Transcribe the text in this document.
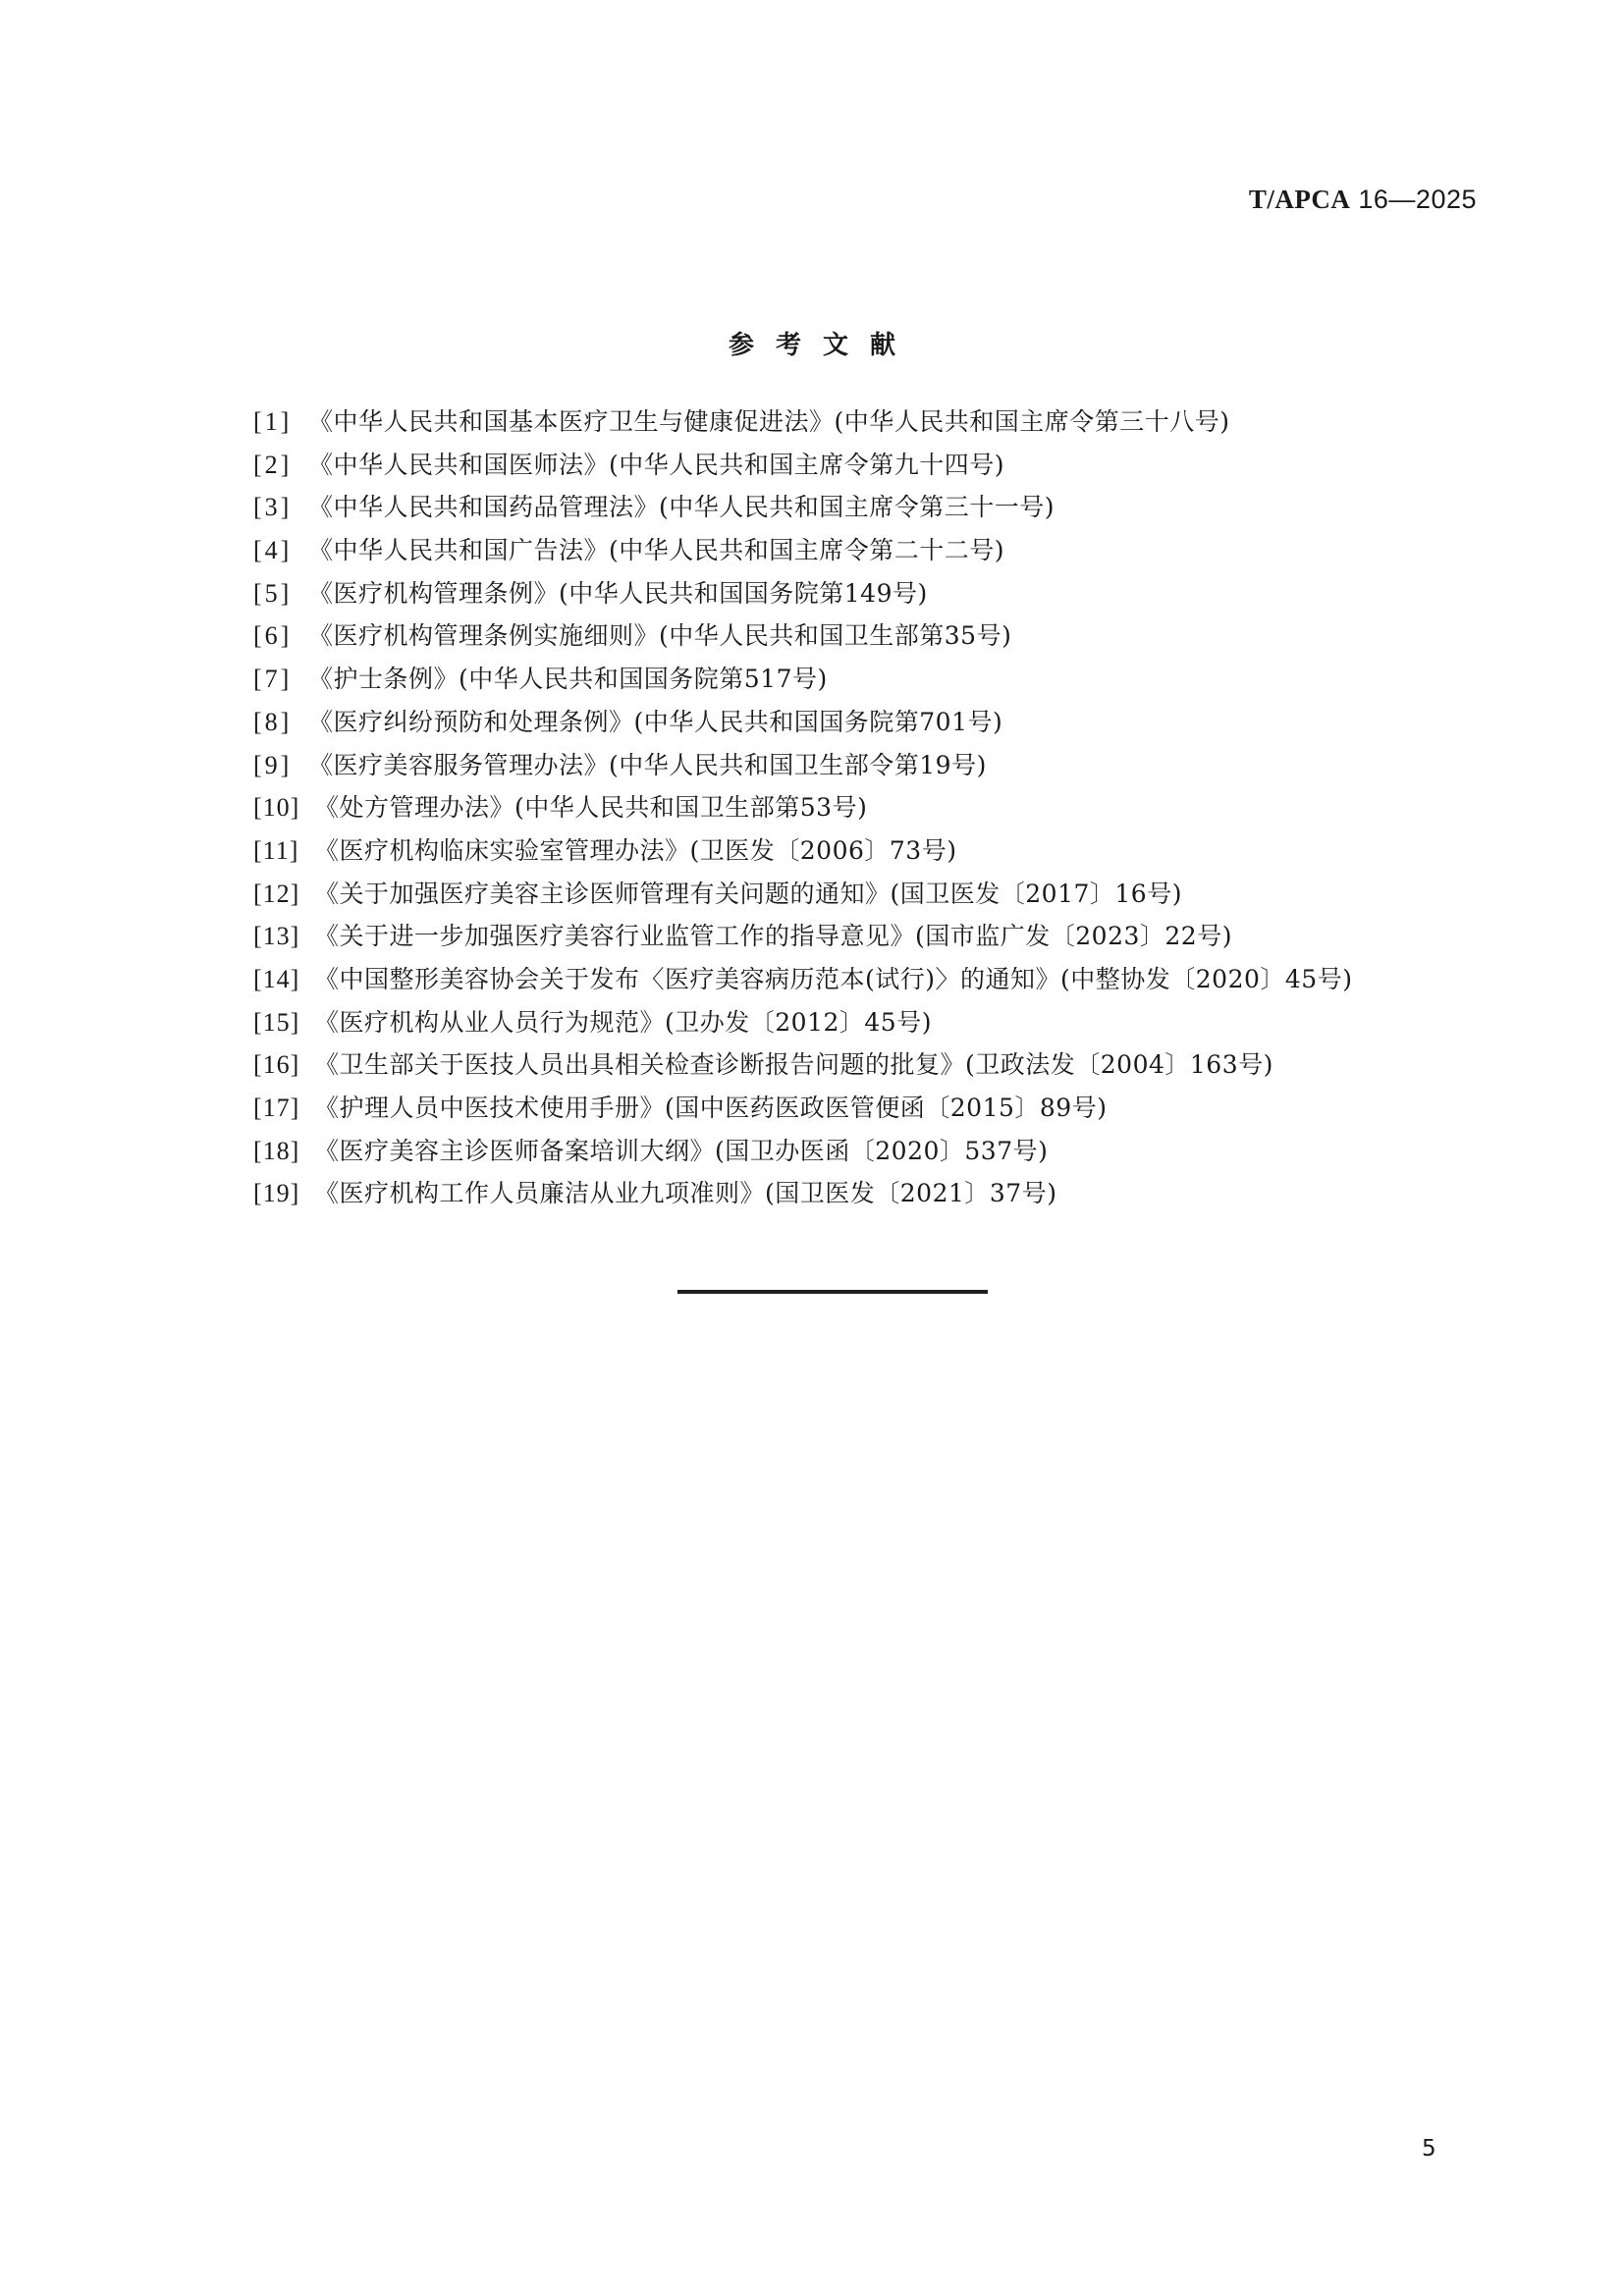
T/APCA 16—2025
参考文献
[1] 《中华人民共和国基本医疗卫生与健康促进法》(中华人民共和国主席令第三十八号)
[2] 《中华人民共和国医师法》(中华人民共和国主席令第九十四号)
[3] 《中华人民共和国药品管理法》(中华人民共和国主席令第三十一号)
[4] 《中华人民共和国广告法》(中华人民共和国主席令第二十二号)
[5] 《医疗机构管理条例》(中华人民共和国国务院第149号)
[6] 《医疗机构管理条例实施细则》(中华人民共和国卫生部第35号)
[7] 《护士条例》(中华人民共和国国务院第517号)
[8] 《医疗纠纷预防和处理条例》(中华人民共和国国务院第701号)
[9] 《医疗美容服务管理办法》(中华人民共和国卫生部令第19号)
[10] 《处方管理办法》(中华人民共和国卫生部第53号)
[11] 《医疗机构临床实验室管理办法》(卫医发〔2006〕73号)
[12] 《关于加强医疗美容主诊医师管理有关问题的通知》(国卫医发〔2017〕16号)
[13] 《关于进一步加强医疗美容行业监管工作的指导意见》(国市监广发〔2023〕22号)
[14] 《中国整形美容协会关于发布〈医疗美容病历范本(试行)〉的通知》(中整协发〔2020〕45号)
[15] 《医疗机构从业人员行为规范》(卫办发〔2012〕45号)
[16] 《卫生部关于医技人员出具相关检查诊断报告问题的批复》(卫政法发〔2004〕163号)
[17] 《护理人员中医技术使用手册》(国中医药医政医管便函〔2015〕89号)
[18] 《医疗美容主诊医师备案培训大纲》(国卫办医函〔2020〕537号)
[19] 《医疗机构工作人员廉洁从业九项准则》(国卫医发〔2021〕37号)
5
